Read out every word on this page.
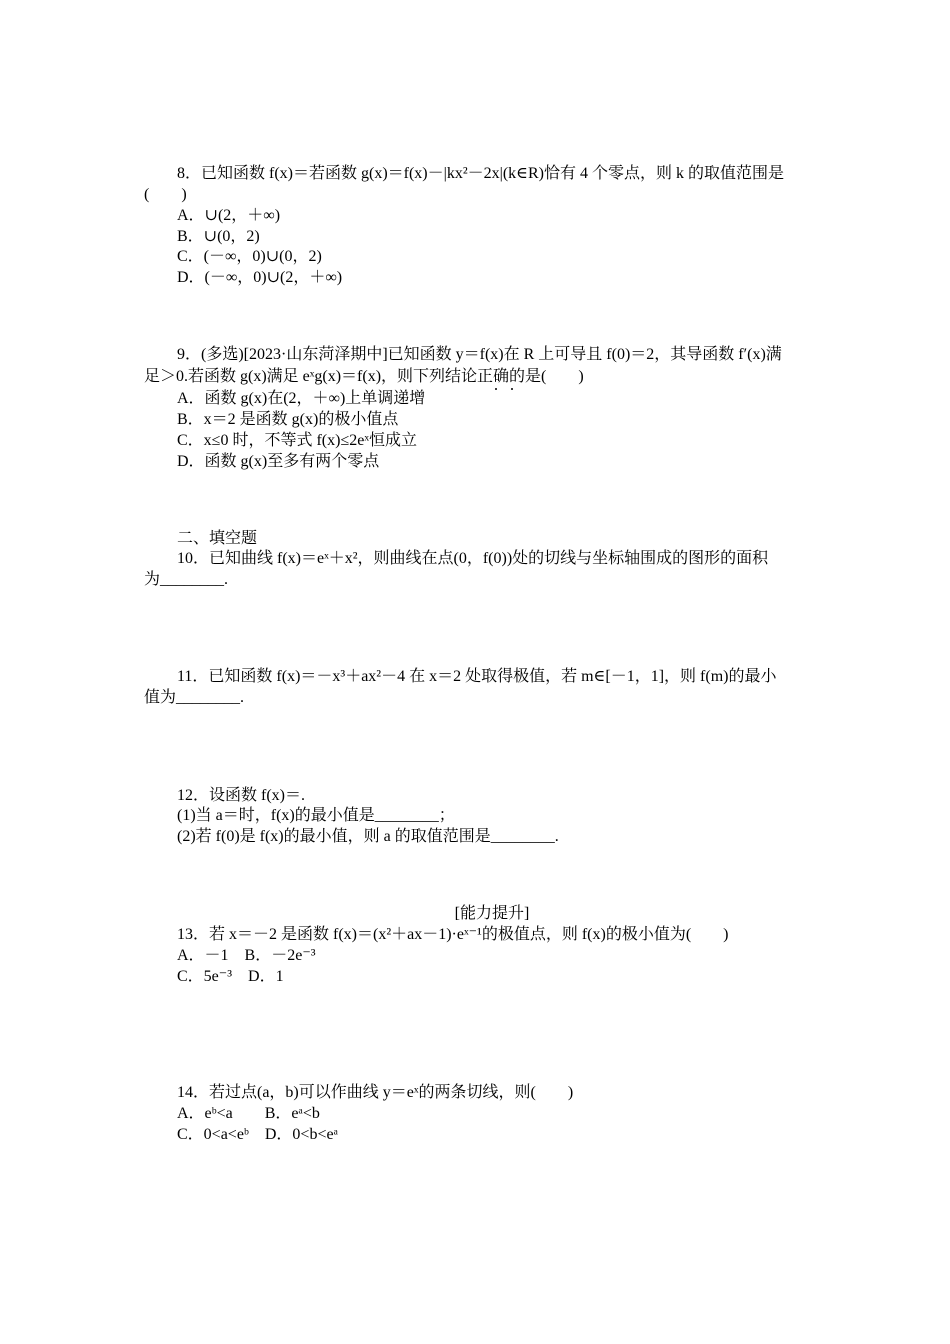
8．已知函数 f(x)＝若函数 g(x)＝f(x)－|kx²－2x|(k∈R)恰有 4 个零点，则 k 的取值范围是
(　　)
A．∪(2，＋∞)
B．∪(0，2)
C．(－∞，0)∪(0，2)
D．(－∞，0)∪(2，＋∞)
9．(多选)[2023·山东菏泽期中]已知函数 y＝f(x)在 R 上可导且 f(0)＝2，其导函数 f′(x)满
足＞0.若函数 g(x)满足 eˣg(x)＝f(x)，则下列结论正确的是(　　)
A．函数 g(x)在(2，＋∞)上单调递增
B．x＝2 是函数 g(x)的极小值点
C．x≤0 时，不等式 f(x)≤2eˣ恒成立
D．函数 g(x)至多有两个零点
二、填空题
10．已知曲线 f(x)＝eˣ＋x²，则曲线在点(0，f(0))处的切线与坐标轴围成的图形的面积
为________.
11．已知函数 f(x)＝－x³＋ax²－4 在 x＝2 处取得极值，若 m∈[－1，1]，则 f(m)的最小
值为________.
12．设函数 f(x)＝.
(1)当 a＝时，f(x)的最小值是________；
(2)若 f(0)是 f(x)的最小值，则 a 的取值范围是________.
[能力提升]
13．若 x＝－2 是函数 f(x)＝(x²＋ax－1)·eˣ⁻¹的极值点，则 f(x)的极小值为(　　)
A．－1　B．－2e⁻³
C．5e⁻³　D．1
14．若过点(a，b)可以作曲线 y＝eˣ的两条切线，则(　　)
A．eᵇ<a　　B．eᵃ<b
C．0<a<eᵇ　D．0<b<eᵃ
